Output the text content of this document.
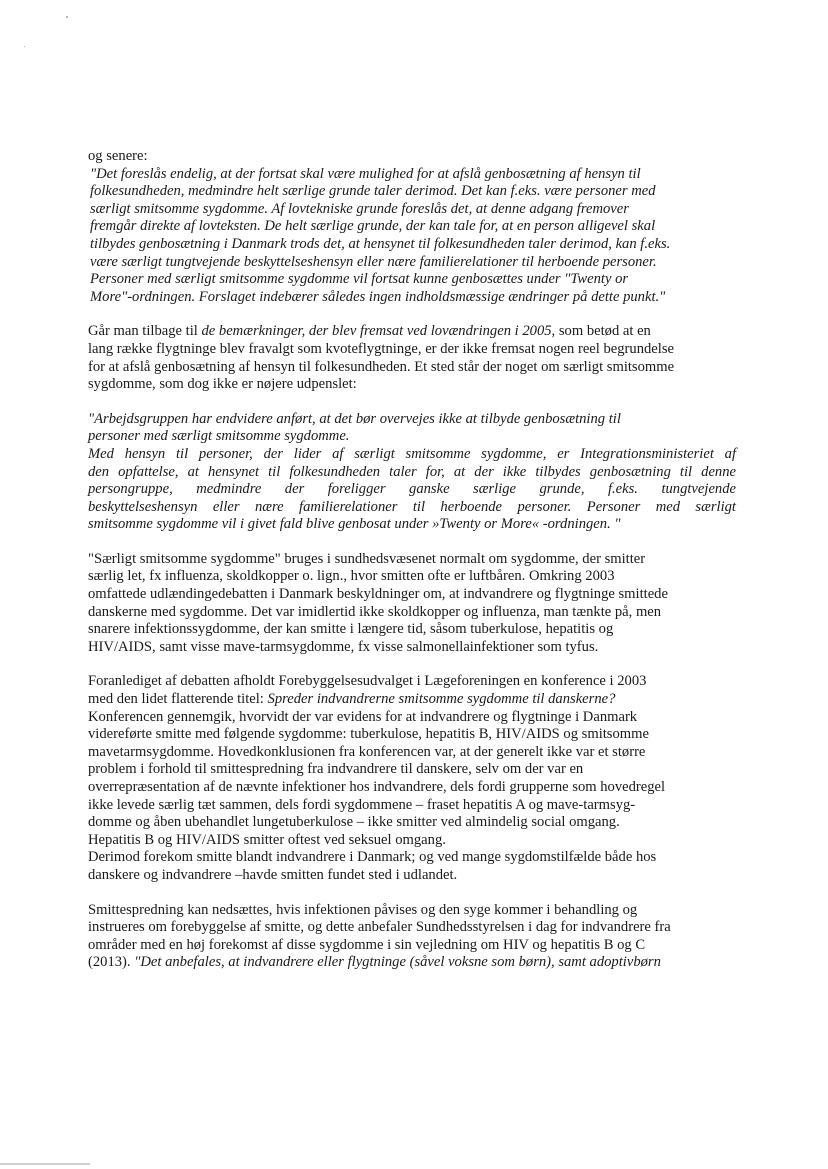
og senere:
"Det foreslås endelig, at der fortsat skal være mulighed for at afslå genbosætning af hensyn til
folkesundheden, medmindre helt særlige grunde taler derimod. Det kan f.eks. være personer med
særligt smitsomme sygdomme. Af lovtekniske grunde foreslås det, at denne adgang fremover
fremgår direkte af lovteksten. De helt særlige grunde, der kan tale for, at en person alligevel skal
tilbydes genbosætning i Danmark trods det, at hensynet til folkesundheden taler derimod, kan f.eks.
være særligt tungtvejende beskyttelseshensyn eller nære familierelationer til herboende personer.
Personer med særligt smitsomme sygdomme vil fortsat kunne genbosættes under "Twenty or
More"-ordningen. Forslaget indebærer således ingen indholdsmæssige ændringer på dette punkt."
Går man tilbage til de bemærkninger, der blev fremsat ved lovændringen i 2005, som betød at en
lang række flygtninge blev fravalgt som kvoteflygtninge, er der ikke fremsat nogen reel begrundelse
for at afslå genbosætning af hensyn til folkesundheden. Et sted står der noget om særligt smitsomme
sygdomme, som dog ikke er nøjere udpenslet:
"Arbejdsgruppen har endvidere anført, at det bør overvejes ikke at tilbyde genbosætning til
personer med særligt smitsomme sygdomme.
Med hensyn til personer, der lider af særligt smitsomme sygdomme, er Integrationsministeriet af
den opfattelse, at hensynet til folkesundheden taler for, at der ikke tilbydes genbosætning til denne
persongruppe, medmindre der foreligger ganske særlige grunde, f.eks. tungtvejende
beskyttelseshensyn eller nære familierelationer til herboende personer. Personer med særligt
smitsomme sygdomme vil i givet fald blive genbosat under »Twenty or More« -ordningen. "
"Særligt smitsomme sygdomme" bruges i sundhedsvæsenet normalt om sygdomme, der smitter
særlig let, fx influenza, skoldkopper o. lign., hvor smitten ofte er luftbåren. Omkring 2003
omfattede udlændingedebatten i Danmark beskyldninger om, at indvandrere og flygtninge smittede
danskerne med sygdomme. Det var imidlertid ikke skoldkopper og influenza, man tænkte på, men
snarere infektionssygdomme, der kan smitte i længere tid, såsom tuberkulose, hepatitis og
HIV/AIDS, samt visse mave-tarmsygdomme, fx visse salmonellainfektioner som tyfus.
Foranlediget af debatten afholdt Forebyggelsesudvalget i Lægeforeningen en konference i 2003
med den lidet flatterende titel: Spreder indvandrerne smitsomme sygdomme til danskerne?
Konferencen gennemgik, hvorvidt der var evidens for at indvandrere og flygtninge i Danmark
videreførte smitte med følgende sygdomme: tuberkulose, hepatitis B, HIV/AIDS og smitsomme
mavetarmsygdomme. Hovedkonklusionen fra konferencen var, at der generelt ikke var et større
problem i forhold til smittespredning fra indvandrere til danskere, selv om der var en
overrepræsentation af de nævnte infektioner hos indvandrere, dels fordi grupperne som hovedregel
ikke levede særlig tæt sammen, dels fordi sygdommene – fraset hepatitis A og mave-tarmsyg-
domme og åben ubehandlet lungetuberkulose – ikke smitter ved almindelig social omgang.
Hepatitis B og HIV/AIDS smitter oftest ved seksuel omgang.
Derimod forekom smitte blandt indvandrere i Danmark; og ved mange sygdomstilfælde både hos
danskere og indvandrere –havde smitten fundet sted i udlandet.
Smittespredning kan nedsættes, hvis infektionen påvises og den syge kommer i behandling og
instrueres om forebyggelse af smitte, og dette anbefaler Sundhedsstyrelsen i dag for indvandrere fra
områder med en høj forekomst af disse sygdomme i sin vejledning om HIV og hepatitis B og C
(2013). "Det anbefales, at indvandrere eller flygtninge (såvel voksne som børn), samt adoptivbørn
